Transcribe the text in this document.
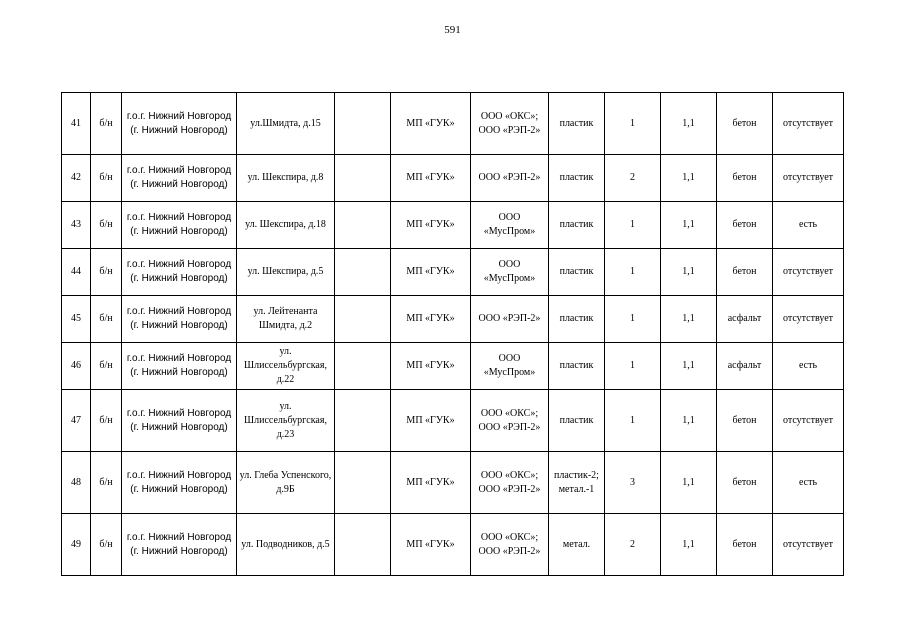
591
41	б/н	г.о.г. Нижний Новгород (г. Нижний Новгород)	ул.Шмидта, д.15		МП «ГУК»	ООО «ОКС»; ООО «РЭП-2»	пластик	1	1,1	бетон	отсутствует
42	б/н	г.о.г. Нижний Новгород (г. Нижний Новгород)	ул. Шекспира, д.8		МП «ГУК»	ООО «РЭП-2»	пластик	2	1,1	бетон	отсутствует
43	б/н	г.о.г. Нижний Новгород (г. Нижний Новгород)	ул. Шекспира, д.18		МП «ГУК»	ООО «МусПром»	пластик	1	1,1	бетон	есть
44	б/н	г.о.г. Нижний Новгород (г. Нижний Новгород)	ул. Шекспира, д.5		МП «ГУК»	ООО «МусПром»	пластик	1	1,1	бетон	отсутствует
45	б/н	г.о.г. Нижний Новгород (г. Нижний Новгород)	ул. Лейтенанта Шмидта, д.2		МП «ГУК»	ООО «РЭП-2»	пластик	1	1,1	асфальт	отсутствует
46	б/н	г.о.г. Нижний Новгород (г. Нижний Новгород)	ул. Шлиссельбургская, д.22		МП «ГУК»	ООО «МусПром»	пластик	1	1,1	асфальт	есть
47	б/н	г.о.г. Нижний Новгород (г. Нижний Новгород)	ул. Шлиссельбургская, д.23		МП «ГУК»	ООО «ОКС»; ООО «РЭП-2»	пластик	1	1,1	бетон	отсутствует
48	б/н	г.о.г. Нижний Новгород (г. Нижний Новгород)	ул. Глеба Успенского, д.9Б		МП «ГУК»	ООО «ОКС»; ООО «РЭП-2»	пластик-2; метал.-1	3	1,1	бетон	есть
49	б/н	г.о.г. Нижний Новгород (г. Нижний Новгород)	ул. Подводников, д.5		МП «ГУК»	ООО «ОКС»; ООО «РЭП-2»	метал.	2	1,1	бетон	отсутствует
